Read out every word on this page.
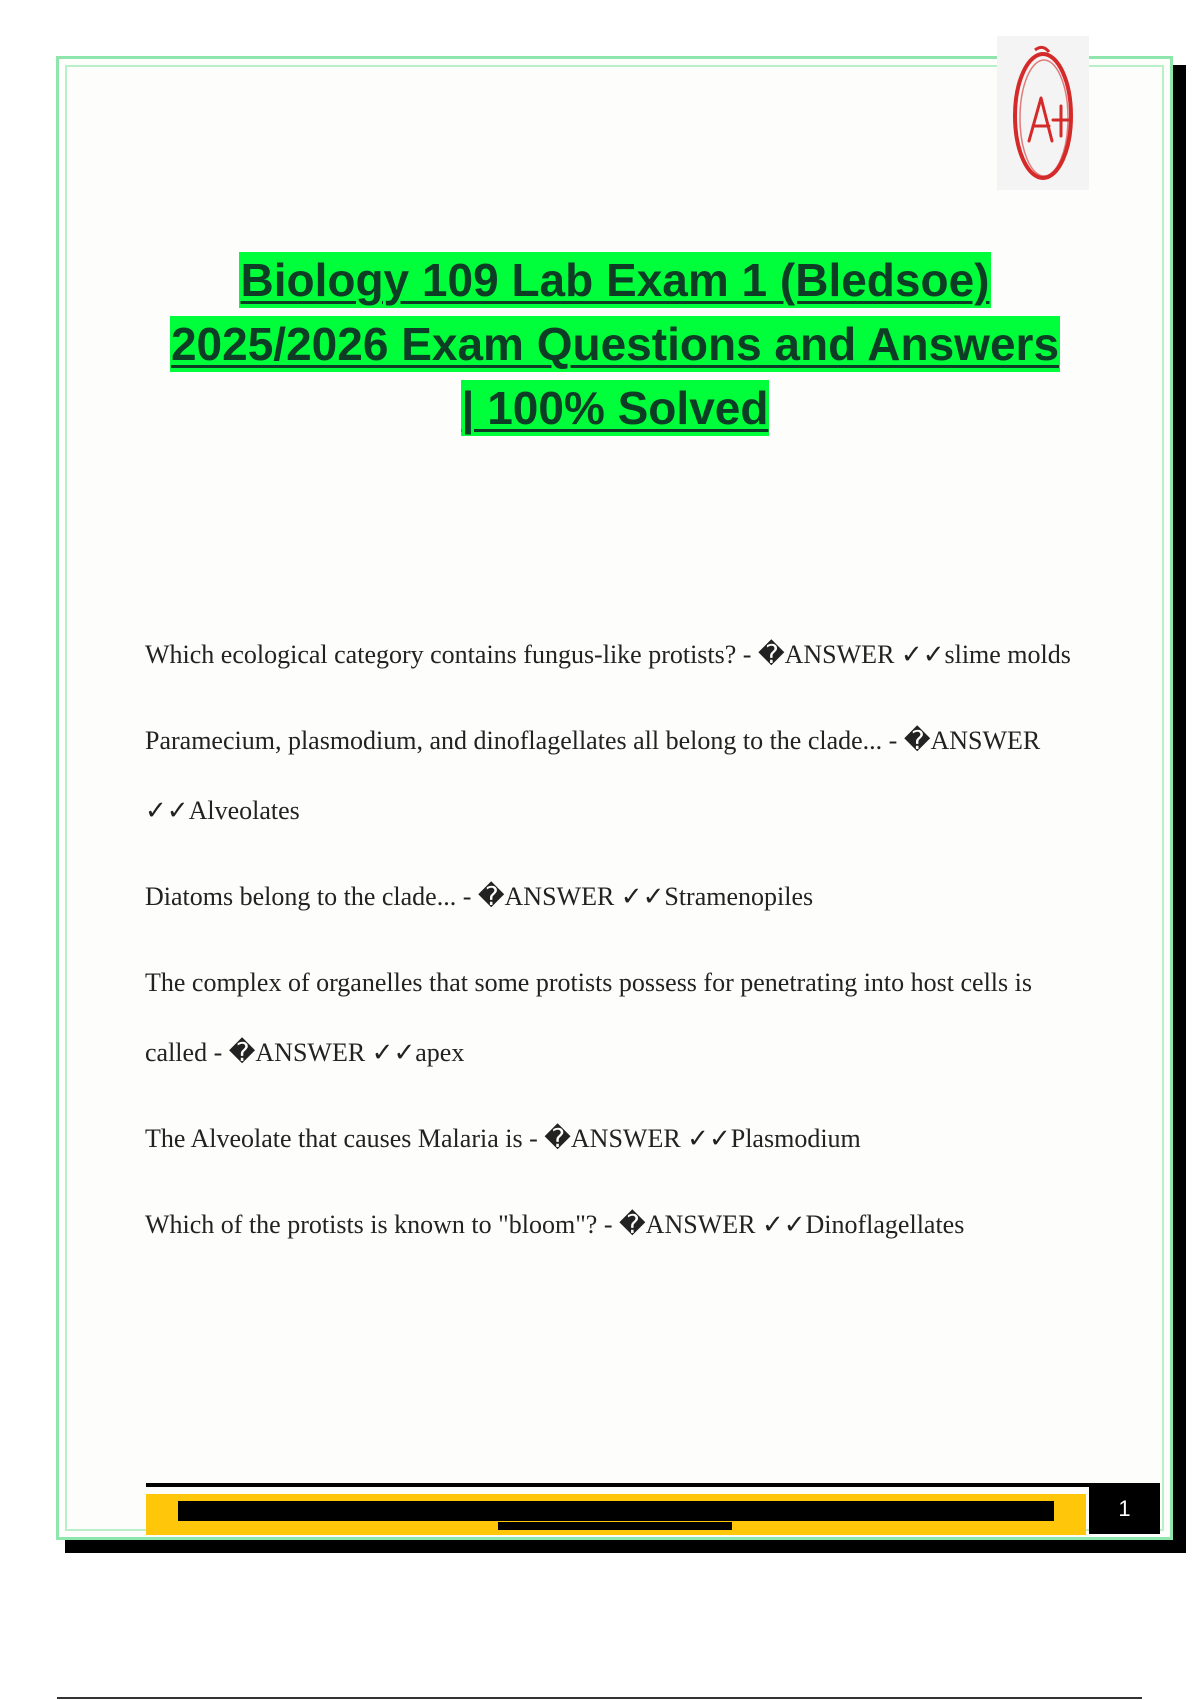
Biology 109 Lab Exam 1 (Bledsoe)
2025/2026 Exam Questions and Answers
| 100% Solved
Which ecological category contains fungus-like protists? - �ANSWER ✓✓slime molds
Paramecium, plasmodium, and dinoflagellates all belong to the clade... - �ANSWER ✓✓Alveolates
Diatoms belong to the clade... - �ANSWER ✓✓Stramenopiles
The complex of organelles that some protists possess for penetrating into host cells is called - �ANSWER ✓✓apex
The Alveolate that causes Malaria is - �ANSWER ✓✓Plasmodium
Which of the protists is known to "bloom"? - �ANSWER ✓✓Dinoflagellates
1
